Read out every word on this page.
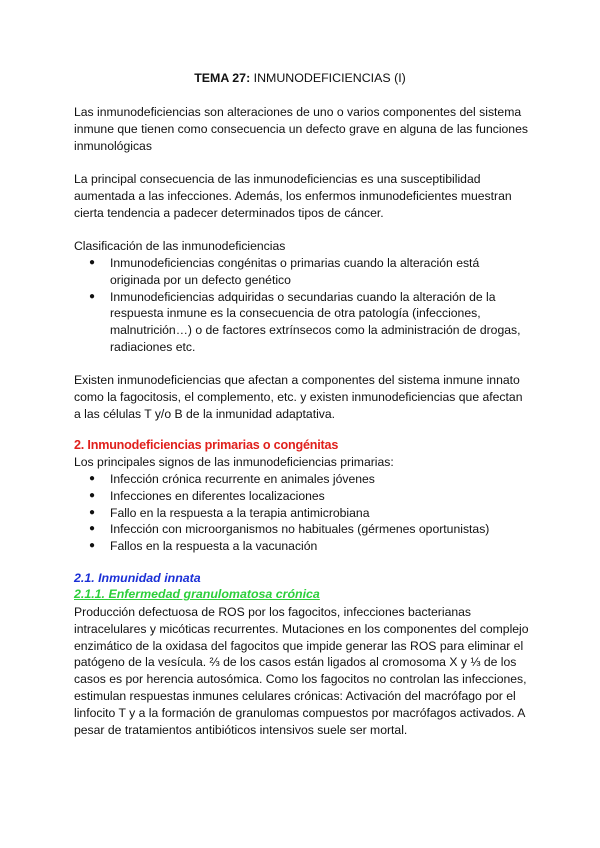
TEMA 27: INMUNODEFICIENCIAS (I)

Las inmunodeficiencias son alteraciones de uno o varios componentes del sistema
inmune que tienen como consecuencia un defecto grave en alguna de las funciones
inmunológicas

La principal consecuencia de las inmunodeficiencias es una susceptibilidad
aumentada a las infecciones. Además, los enfermos inmunodeficientes muestran
cierta tendencia a padecer determinados tipos de cáncer.

Clasificación de las inmunodeficiencias

● Inmunodeficiencias congénitas o primarias cuando la alteración está
originada por un defecto genético
● Inmunodeficiencias adquiridas o secundarias cuando la alteración de la
respuesta inmune es la consecuencia de otra patología (infecciones,
malnutrición…) o de factores extrínsecos como la administración de drogas,
radiaciones etc.

Existen inmunodeficiencias que afectan a componentes del sistema inmune innato
como la fagocitosis, el complemento, etc. y existen inmunodeficiencias que afectan
a las células T y/o B de la inmunidad adaptativa.

2. Inmunodeficiencias primarias o congénitas

Los principales signos de las inmunodeficiencias primarias:

● Infección crónica recurrente en animales jóvenes
● Infecciones en diferentes localizaciones
● Fallo en la respuesta a la terapia antimicrobiana
● Infección con microorganismos no habituales (gérmenes oportunistas)
● Fallos en la respuesta a la vacunación
2.1. Inmunidad innata
2.1.1. Enfermedad granulomatosa crónica

Producción defectuosa de ROS por los fagocitos, infecciones bacterianas
intracelulares y micóticas recurrentes. Mutaciones en los componentes del complejo
enzimático de la oxidasa del fagocitos que impide generar las ROS para eliminar el
patógeno de la vesícula. ⅔ de los casos están ligados al cromosoma X y ⅓ de los
casos es por herencia autosómica. Como los fagocitos no controlan las infecciones,
estimulan respuestas inmunes celulares crónicas: Activación del macrófago por el
linfocito T y a la formación de granulomas compuestos por macrófagos activados. A
pesar de tratamientos antibióticos intensivos suele ser mortal.
